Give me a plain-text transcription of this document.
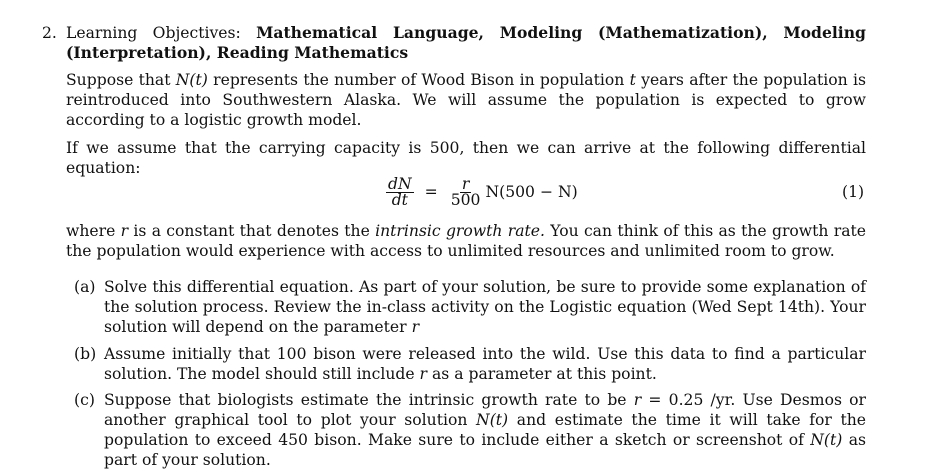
2. Learning Objectives: Mathematical Language, Modeling (Mathematization), Modeling (Interpretation), Reading Mathematics
Suppose that N(t) represents the number of Wood Bison in population t years after the population is reintroduced into Southwestern Alaska. We will assume the population is expected to grow according to a logistic growth model.
If we assume that the carrying capacity is 500, then we can arrive at the following differential equation:
$\frac{dN}{dt} = \frac{r}{500} N(500 - N)$	(1)
where r is a constant that denotes the intrinsic growth rate. You can think of this as the growth rate the population would experience with access to unlimited resources and unlimited room to grow.
(a) Solve this differential equation. As part of your solution, be sure to provide some explanation of the solution process. Review the in-class activity on the Logistic equation (Wed Sept 14th). Your solution will depend on the parameter r
(b) Assume initially that 100 bison were released into the wild. Use this data to find a particular solution. The model should still include r as a parameter at this point.
(c) Suppose that biologists estimate the intrinsic growth rate to be r = 0.25 /yr. Use Desmos or another graphical tool to plot your solution N(t) and estimate the time it will take for the population to exceed 450 bison. Make sure to include either a sketch or screenshot of N(t) as part of your solution.
